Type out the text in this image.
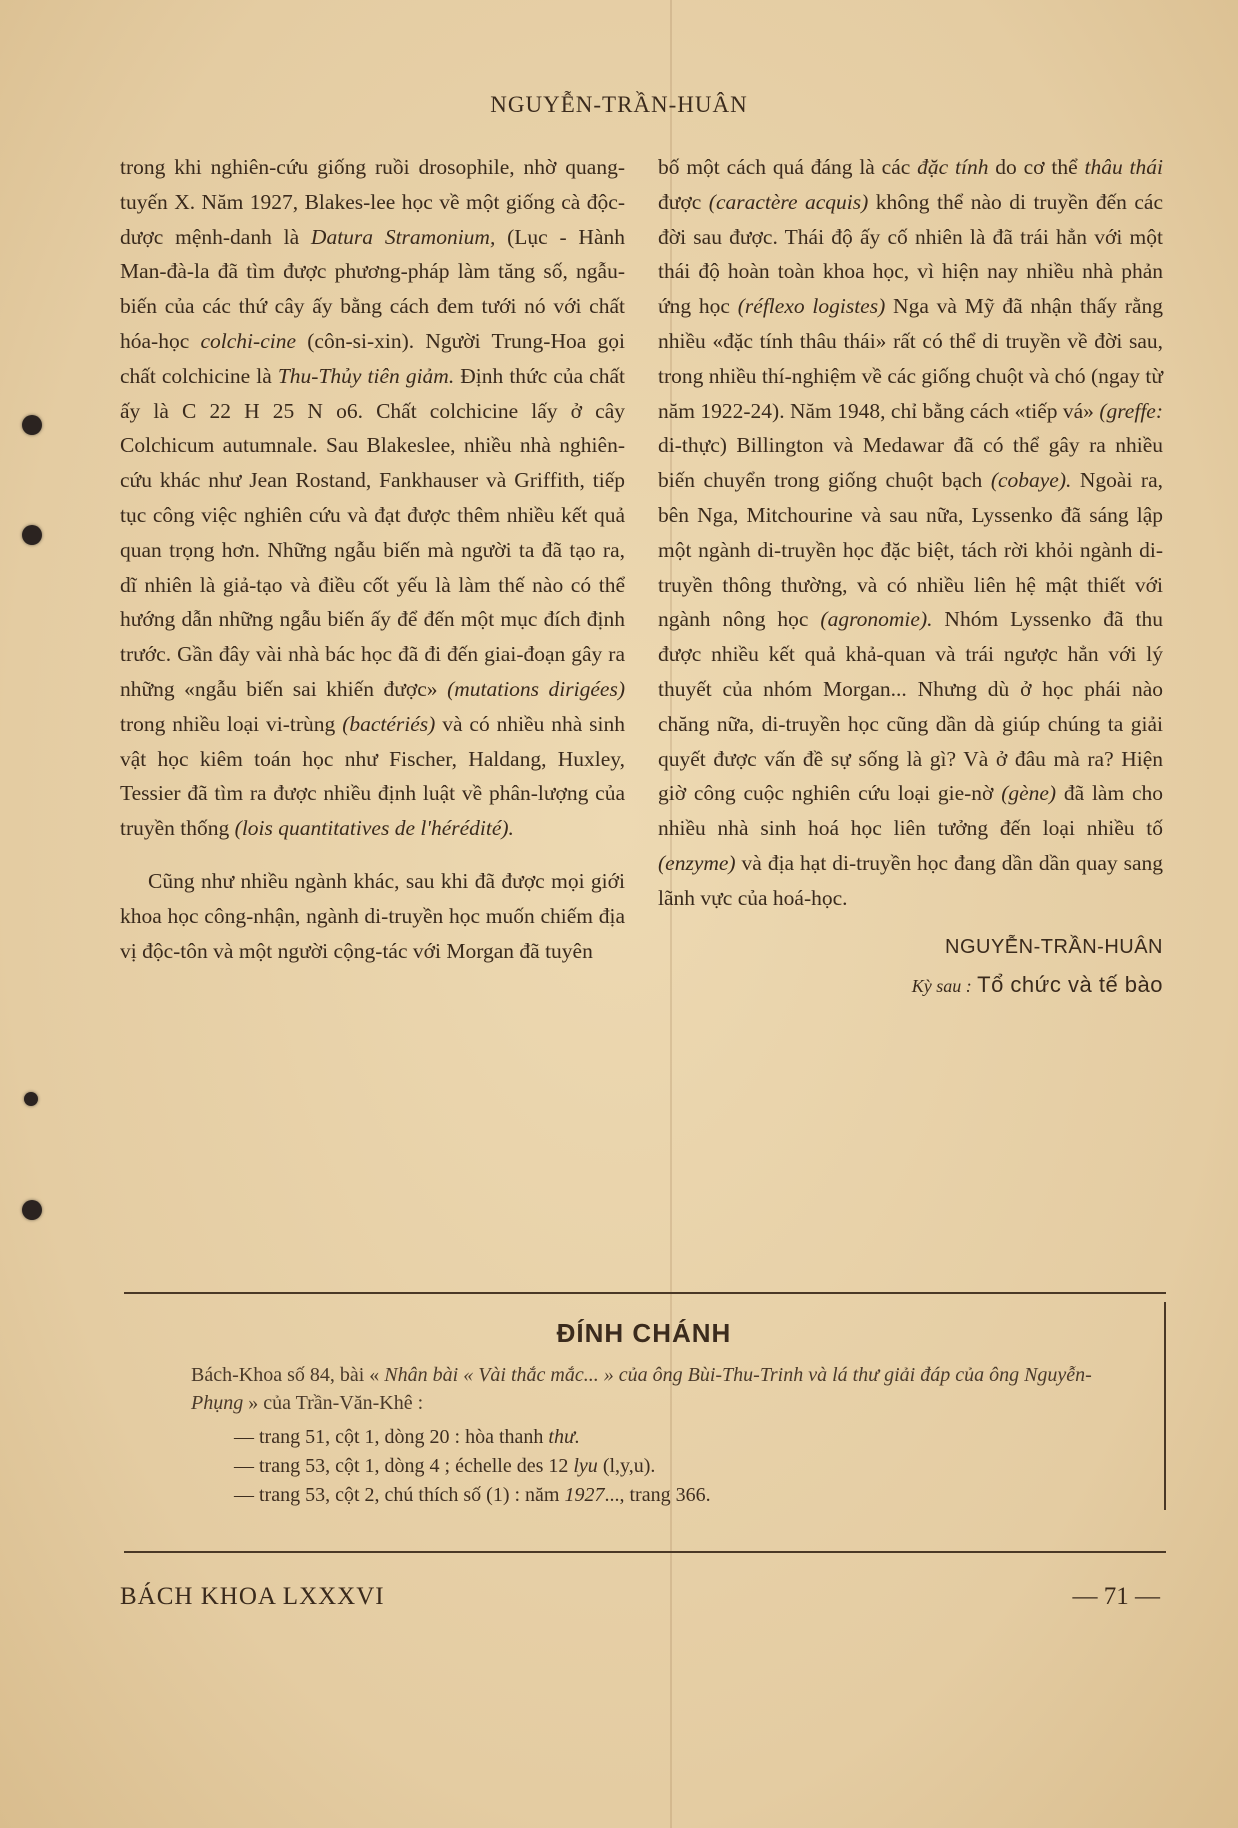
NGUYỄN-TRẦN-HUÂN

trong khi nghiên-cứu giống ruồi drosophile, nhờ quang-tuyến X. Năm 1927, Blakes-lee học về một giống cà độc-dược mệnh-danh là Datura Stramonium, (Lục - Hành Man-đà-la đã tìm được phương-pháp làm tăng số, ngẫu-biến của các thứ cây ấy bằng cách đem tưới nó với chất hóa-học colchi-cine (côn-si-xin). Người Trung-Hoa gọi chất colchicine là Thu-Thủy tiên giảm. Định thức của chất ấy là C 22 H 25 N o6. Chất colchicine lấy ở cây Colchicum autumnale. Sau Blakeslee, nhiều nhà nghiên-cứu khác như Jean Rostand, Fankhauser và Griffith, tiếp tục công việc nghiên cứu và đạt được thêm nhiều kết quả quan trọng hơn. Những ngẫu biến mà người ta đã tạo ra, dĩ nhiên là giả-tạo và điều cốt yếu là làm thế nào có thể hướng dẫn những ngẫu biến ấy để đến một mục đích định trước. Gần đây vài nhà bác học đã đi đến giai-đoạn gây ra những «ngẫu biến sai khiến được» (mutations dirigées) trong nhiều loại vi-trùng (bactériés) và có nhiều nhà sinh vật học kiêm toán học như Fischer, Haldang, Huxley, Tessier đã tìm ra được nhiều định luật về phân-lượng của truyền thống (lois quantitatives de l'hérédité).

Cũng như nhiều ngành khác, sau khi đã được mọi giới khoa học công-nhận, ngành di-truyền học muốn chiếm địa vị độc-tôn và một người cộng-tác với Morgan đã tuyên

bố một cách quá đáng là các đặc tính do cơ thể thâu thái được (caractère acquis) không thể nào di truyền đến các đời sau được. Thái độ ấy cố nhiên là đã trái hẳn với một thái độ hoàn toàn khoa học, vì hiện nay nhiều nhà phản ứng học (réflexo logistes) Nga và Mỹ đã nhận thấy rằng nhiều «đặc tính thâu thái» rất có thể di truyền về đời sau, trong nhiều thí-nghiệm về các giống chuột và chó (ngay từ năm 1922-24). Năm 1948, chỉ bằng cách «tiếp vá» (greffe: di-thực) Billington và Medawar đã có thể gây ra nhiều biến chuyển trong giống chuột bạch (cobaye). Ngoài ra, bên Nga, Mitchourine và sau nữa, Lyssenko đã sáng lập một ngành di-truyền học đặc biệt, tách rời khỏi ngành di-truyền thông thường, và có nhiều liên hệ mật thiết với ngành nông học (agronomie). Nhóm Lyssenko đã thu được nhiều kết quả khả-quan và trái ngược hẳn với lý thuyết của nhóm Morgan... Nhưng dù ở học phái nào chăng nữa, di-truyền học cũng dần dà giúp chúng ta giải quyết được vấn đề sự sống là gì? Và ở đâu mà ra? Hiện giờ công cuộc nghiên cứu loại gie-nờ (gène) đã làm cho nhiều nhà sinh hoá học liên tưởng đến loại nhiều tố (enzyme) và địa hạt di-truyền học đang dần dần quay sang lãnh vực của hoá-học.

NGUYỄN-TRẦN-HUÂN

Kỳ sau : Tổ chức và tế bào

ĐÍNH CHÁNH

Bách-Khoa số 84, bài « Nhân bài « Vài thắc mắc... » của ông Bùi-Thu-Trinh và lá thư giải đáp của ông Nguyễn-Phụng » của Trần-Văn-Khê :

— trang 51, cột 1, dòng 20 : hòa thanh thư.
— trang 53, cột 1, dòng 4 ; échelle des 12 lyu (l,y,u).
— trang 53, cột 2, chú thích số (1) : năm 1927..., trang 366.
BÁCH KHOA LXXXVI	— 71 —
